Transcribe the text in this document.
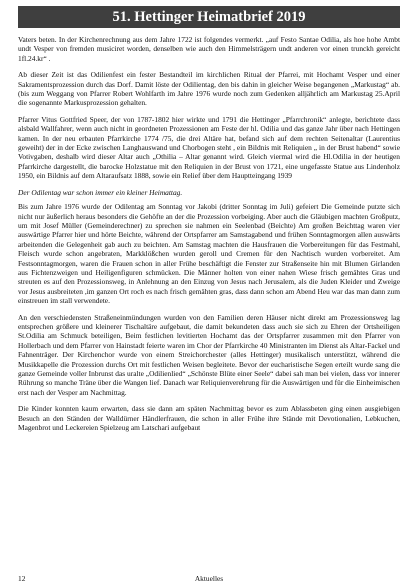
51. Hettinger Heimatbrief 2019

Vaters beten. In der Kirchenrechnung aus dem Jahre 1722 ist folgendes vermerkt. „auf Festo Santae Odilia, als hoe hohe Ambt undt Vesper von fremden musiciret worden, denselben wie auch den Himmelsträgern undt anderen vor einen trunckh gereicht 1fl.24.kr“ .

Ab dieser Zeit ist das Odilienfest ein fester Bestandteil im kirchlichen Ritual der Pfarrei, mit Hochamt Vesper und einer Sakramentsprozession durch das Dorf. Damit löste der Odilientag, den bis dahin in gleicher Weise begangenen „Markustag“ ab. (bis zum Weggang von Pfarrer Robert Wohlfarth im Jahre 1976 wurde noch zum Gedenken alljährlich am Markustag 25.April die sogenannte Markusprozession gehalten.

Pfarrer Vitus Gottfried Speer, der von 1787-1802 hier wirkte und 1791 die Hettinger „Pfarrchronik“ anlegte, berichtete dass alsbald Wallfahrer, wenn auch nicht in geordneten Prozessionen am Feste der hl. Odilia und das ganze Jahr über nach Hettingen kamen. In der neu erbauten Pfarrkirche 1774 /75, die drei Altäre hat, befand sich auf dem rechten Seitenaltar (Laurentius geweiht) der in der Ecke zwischen Langhauswand und Chorbogen steht , ein Bildnis mit Reliquien „ in der Brust habend“ sowie Votivgaben, deshalb wird dieser Altar auch „Othilia – Altar genannt wird. Gleich viermal wird die Hl.Odilia in der heutigen Pfarrkirche dargestellt, die barocke Holzstatue mit den Reliquien in der Brust von 1721, eine ungefasste Statue aus Lindenholz 1950, ein Bildnis auf dem Altaraufsatz 1888, sowie ein Relief über dem Hauptteingang 1939

Der Odilentag war schon immer ein kleiner Heimattag.

Bis zum Jahre 1976 wurde der Odilentag am Sonntag vor Jakobi (dritter Sonntag im Juli) gefeiert Die Gemeinde putzte sich nicht nur äußerlich heraus besonders die Gehöfte an der die Prozession vorbeiging. Aber auch die Gläubigen machten Großputz, um mit Josef Müller (Gemeinderechner) zu sprechen sie nahmen ein Seelenbad (Beichte) Am großen Beichttag waren vier auswärtige Pfarrer hier und hörte Beichte, während der Ortspfarrer am Samstagabend und frühen Sonntagmorgen allen auswärts arbeitenden die Gelegenheit gab auch zu beichten. Am Samstag machten die Hausfrauen die Vorbereitungen für das Festmahl, Fleisch wurde schon angebraten, Markklößchen wurden geroll und Cremen für den Nachtisch wurden vorbereitet. Am Festsonntagmorgen, waren die Frauen schon in aller Frühe beschäftigt die Fenster zur Straßenseite hin mit Blumen Girlanden aus Fichtenzweigen und Heiligenfiguren schmücken. Die Männer holten von einer nahen Wiese frisch gemähtes Gras und streuten es auf den Prozessionsweg, in Anlehnung an den Einzug von Jesus nach Jerusalem, als die Juden Kleider und Zweige vor Jesus ausbreiteten ,im ganzen Ort roch es nach frisch gemähten gras, dass dann schon am Abend Heu war das man dann zum einstreuen im stall verwendete.

An den verschiedensten Straßeneinmündungen wurden von den Familien deren Häuser nicht direkt am Prozessionsweg lag entsprechen größere und kleinerer Tischaltäre aufgebaut, die damit bekundeten dass auch sie sich zu Ehren der Ortsheiligen St.Odilia am Schmuck beteiligen, Beim festlichen levitierten Hochamt das der Ortspfarrer zusammen mit den Pfarrer von Hollerbach und dem Pfarrer von Hainstadt feierte waren im Chor der Pfarrkirche 40 Ministranten im Dienst als Altar-Fackel und Fahnenträger. Der Kirchenchor wurde von einem Streichorchester (alles Hettinger) musikalisch unterstützt, während die Musikkapelle die Prozession durchs Ort mit festlichen Weisen begleitete. Bevor der eucharistische Segen erteilt wurde sang die ganze Gemeinde voller Inbrunst das uralte „Odilienlied“ „Schönste Blüte einer Seele“ dabei sah man bei vielen, dass vor innerer Rührung so manche Träne über die Wangen lief. Danach war Reliquienverehrung für die Auswärtigen und für die Einheimischen erst nach der Vesper am Nachmittag.

Die Kinder konnten kaum erwarten, dass sie dann am späten Nachmittag bevor es zum Ablassbeten ging einen ausgiebigen Besuch an den Ständen der Walldürner Händlerfrauen, die schon in aller Frühe ihre Stände mit Devotionalien, Lebkuchen, Magenbrot und Leckereien Spielzeug am Latschari aufgebaut

12	Aktuelles
